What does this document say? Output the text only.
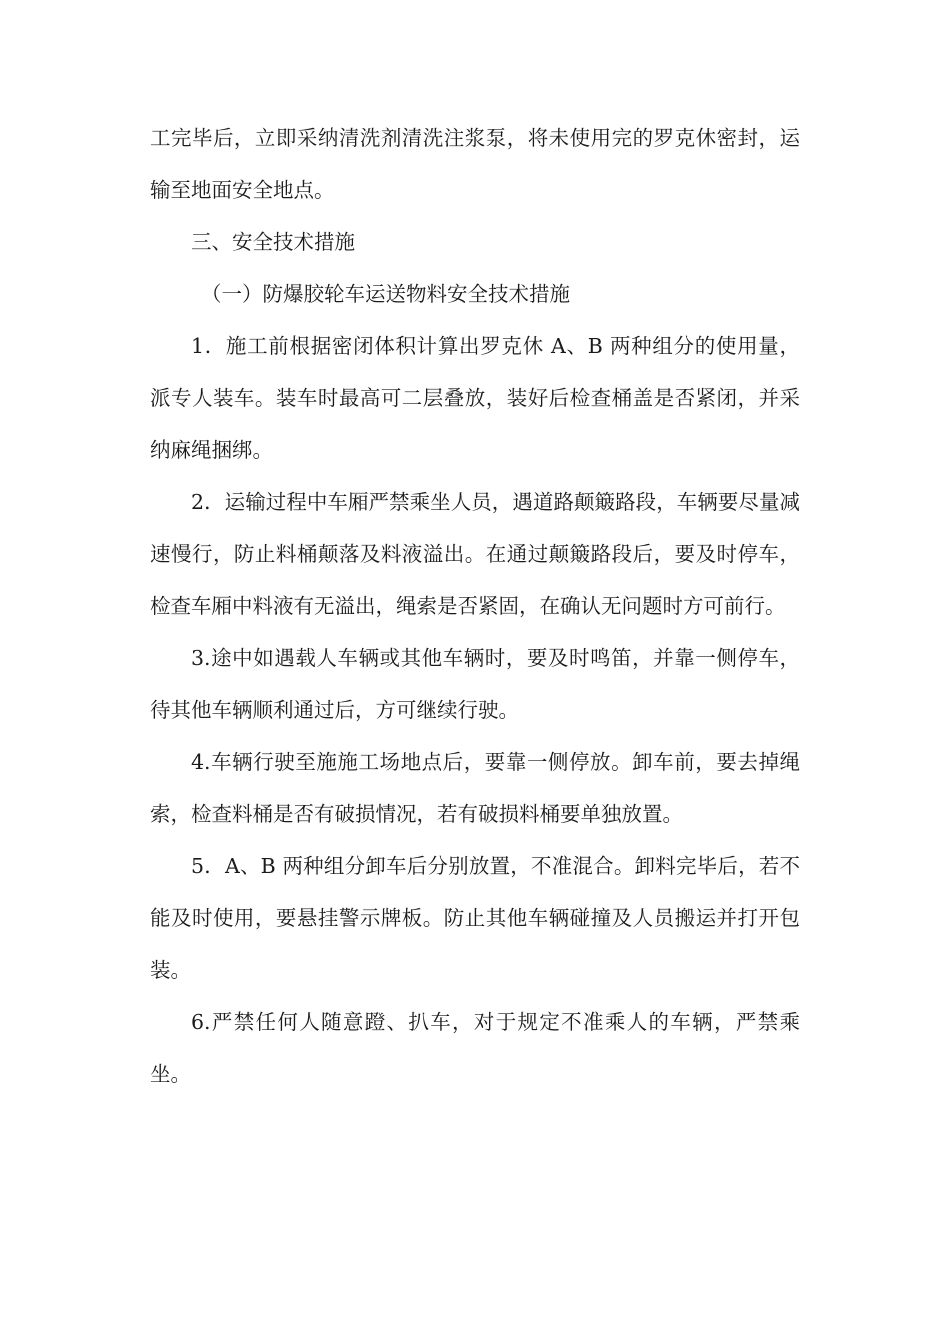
工完毕后，立即采纳清洗剂清洗注浆泵，将未使用完的罗克休密封，运输至地面安全地点。

三、安全技术措施

（一）防爆胶轮车运送物料安全技术措施

1．施工前根据密闭体积计算出罗克休 A、B 两种组分的使用量，派专人装车。装车时最高可二层叠放，装好后检查桶盖是否紧闭，并采纳麻绳捆绑。

2．运输过程中车厢严禁乘坐人员，遇道路颠簸路段，车辆要尽量减速慢行，防止料桶颠落及料液溢出。在通过颠簸路段后，要及时停车，检查车厢中料液有无溢出，绳索是否紧固，在确认无问题时方可前行。

3.途中如遇载人车辆或其他车辆时，要及时鸣笛，并靠一侧停车，待其他车辆顺利通过后，方可继续行驶。

4.车辆行驶至施施工场地点后，要靠一侧停放。卸车前，要去掉绳索，检查料桶是否有破损情况，若有破损料桶要单独放置。

5．A、B 两种组分卸车后分别放置，不准混合。卸料完毕后，若不能及时使用，要悬挂警示牌板。防止其他车辆碰撞及人员搬运并打开包装。

6.严禁任何人随意蹬、扒车，对于规定不准乘人的车辆，严禁乘坐。
